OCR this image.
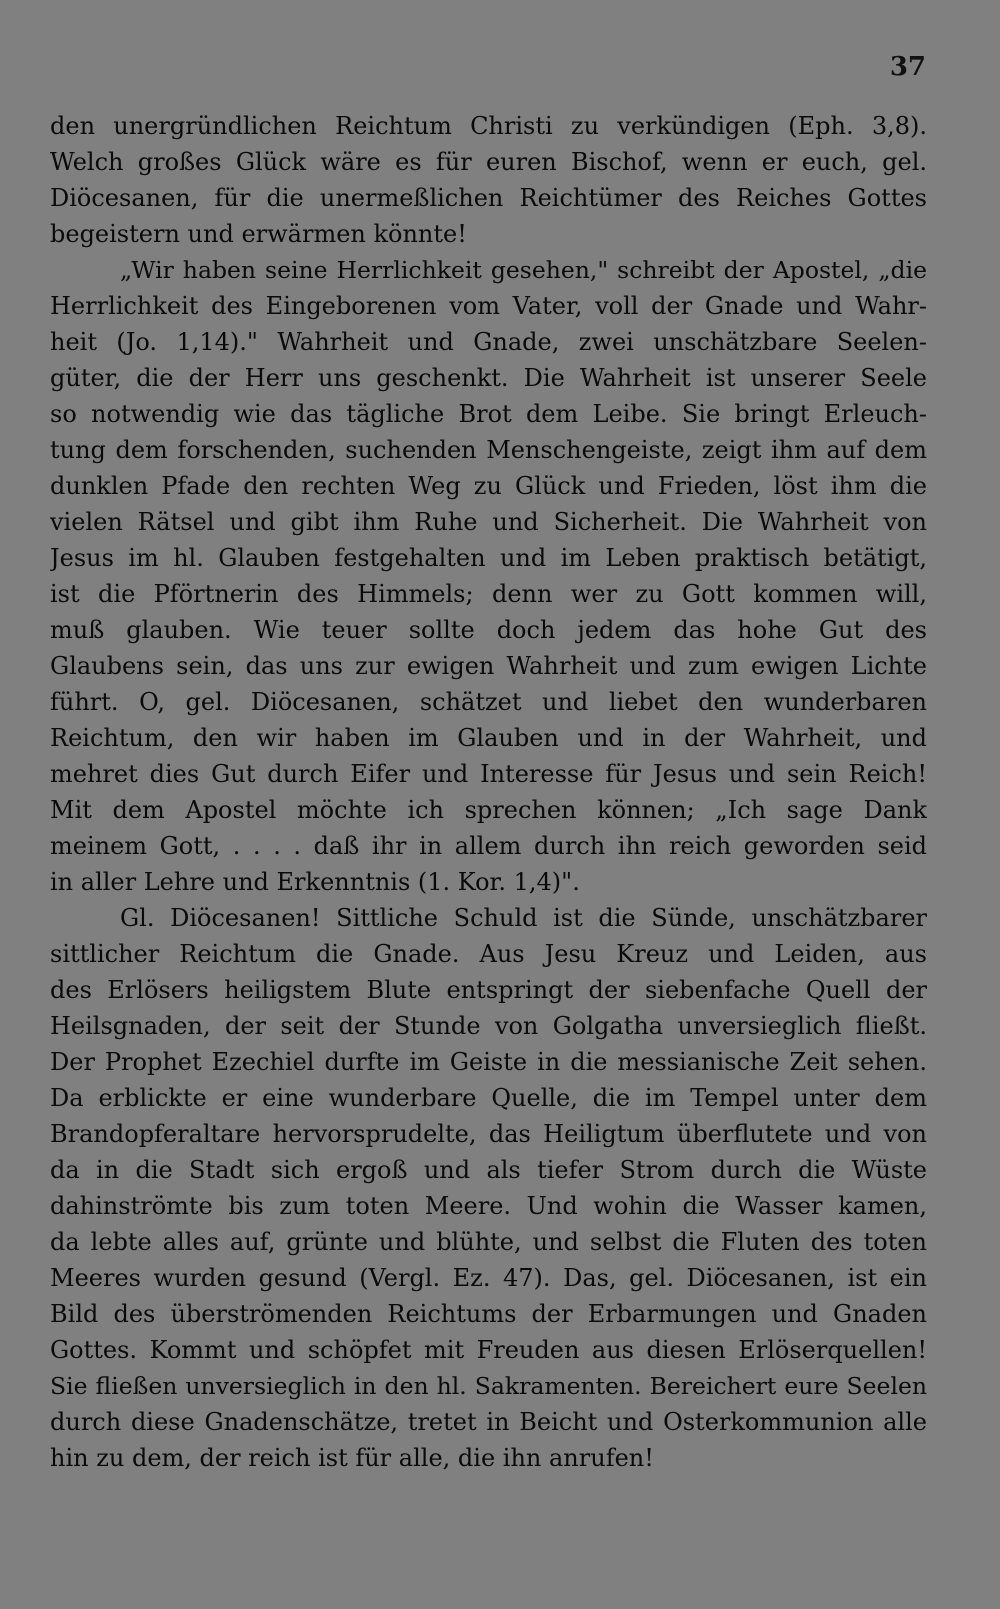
37
den unergründlichen Reichtum Christi zu verkündigen (Eph. 3,8).
Welch großes Glück wäre es für euren Bischof, wenn er euch, gel.
Diöcesanen, für die unermeßlichen Reichtümer des Reiches Gottes
begeistern und erwärmen könnte!
„Wir haben seine Herrlichkeit gesehen," schreibt der Apostel, „die
Herrlichkeit des Eingeborenen vom Vater, voll der Gnade und Wahr-
heit (Jo. 1,14)." Wahrheit und Gnade, zwei unschätzbare Seelen-
güter, die der Herr uns geschenkt. Die Wahrheit ist unserer Seele
so notwendig wie das tägliche Brot dem Leibe. Sie bringt Erleuch-
tung dem forschenden, suchenden Menschengeiste, zeigt ihm auf dem
dunklen Pfade den rechten Weg zu Glück und Frieden, löst ihm die
vielen Rätsel und gibt ihm Ruhe und Sicherheit. Die Wahrheit von
Jesus im hl. Glauben festgehalten und im Leben praktisch betätigt,
ist die Pförtnerin des Himmels; denn wer zu Gott kommen will,
muß glauben. Wie teuer sollte doch jedem das hohe Gut des
Glaubens sein, das uns zur ewigen Wahrheit und zum ewigen Lichte
führt. O, gel. Diöcesanen, schätzet und liebet den wunderbaren
Reichtum, den wir haben im Glauben und in der Wahrheit, und
mehret dies Gut durch Eifer und Interesse für Jesus und sein Reich!
Mit dem Apostel möchte ich sprechen können; „Ich sage Dank
meinem Gott, . . . . daß ihr in allem durch ihn reich geworden seid
in aller Lehre und Erkenntnis (1. Kor. 1,4)".
Gl. Diöcesanen! Sittliche Schuld ist die Sünde, unschätzbarer
sittlicher Reichtum die Gnade. Aus Jesu Kreuz und Leiden, aus
des Erlösers heiligstem Blute entspringt der siebenfache Quell der
Heilsgnaden, der seit der Stunde von Golgatha unversieglich fließt.
Der Prophet Ezechiel durfte im Geiste in die messianische Zeit sehen.
Da erblickte er eine wunderbare Quelle, die im Tempel unter dem
Brandopferaltare hervorsprudelte, das Heiligtum überflutete und von
da in die Stadt sich ergoß und als tiefer Strom durch die Wüste
dahinströmte bis zum toten Meere. Und wohin die Wasser kamen,
da lebte alles auf, grünte und blühte, und selbst die Fluten des toten
Meeres wurden gesund (Vergl. Ez. 47). Das, gel. Diöcesanen, ist ein
Bild des überströmenden Reichtums der Erbarmungen und Gnaden
Gottes. Kommt und schöpfet mit Freuden aus diesen Erlöserquellen!
Sie fließen unversieglich in den hl. Sakramenten. Bereichert eure Seelen
durch diese Gnadenschätze, tretet in Beicht und Osterkommunion alle
hin zu dem, der reich ist für alle, die ihn anrufen!
